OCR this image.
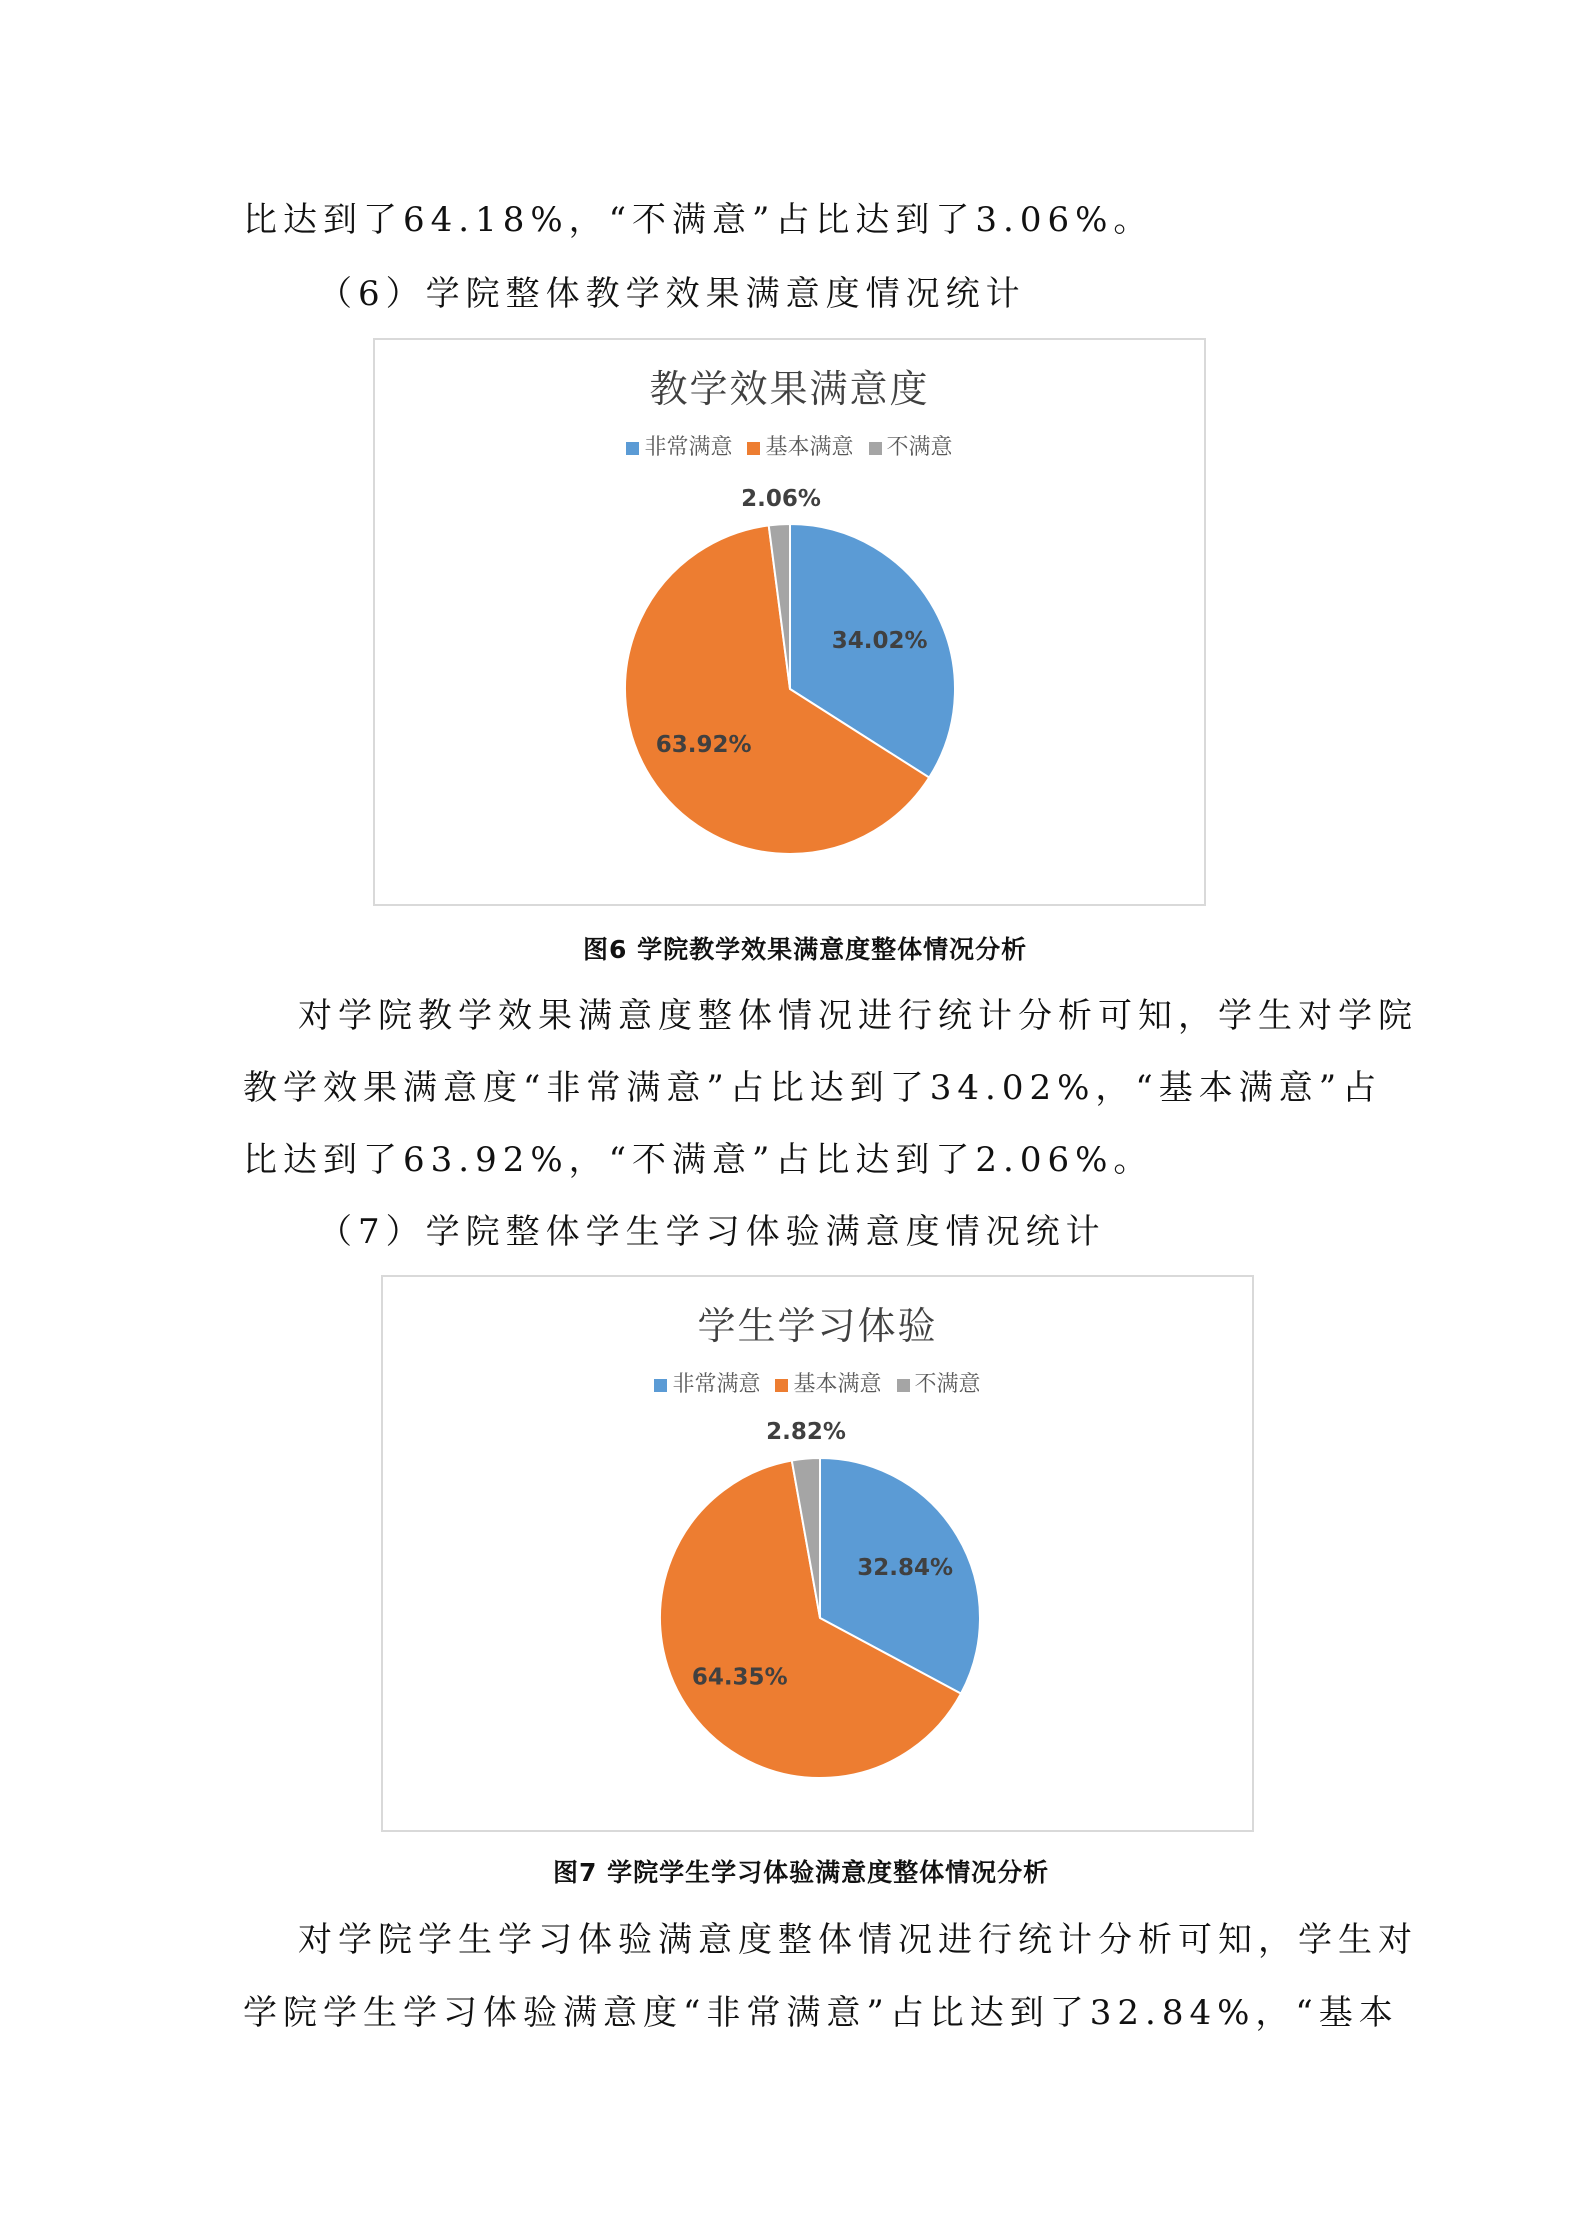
比达到了64.18%，“不满意”占比达到了3.06%。
（6）学院整体教学效果满意度情况统计
教学效果满意度
非常满意 基本满意 不满意
34.02%
63.92%
2.06%
图6 学院教学效果满意度整体情况分析
对学院教学效果满意度整体情况进行统计分析可知，学生对学院
教学效果满意度“非常满意”占比达到了34.02%，“基本满意”占
比达到了63.92%，“不满意”占比达到了2.06%。
（7）学院整体学生学习体验满意度情况统计
学生学习体验
非常满意 基本满意 不满意
32.84%
64.35%
2.82%
图7 学院学生学习体验满意度整体情况分析
对学院学生学习体验满意度整体情况进行统计分析可知，学生对
学院学生学习体验满意度“非常满意”占比达到了32.84%，“基本
